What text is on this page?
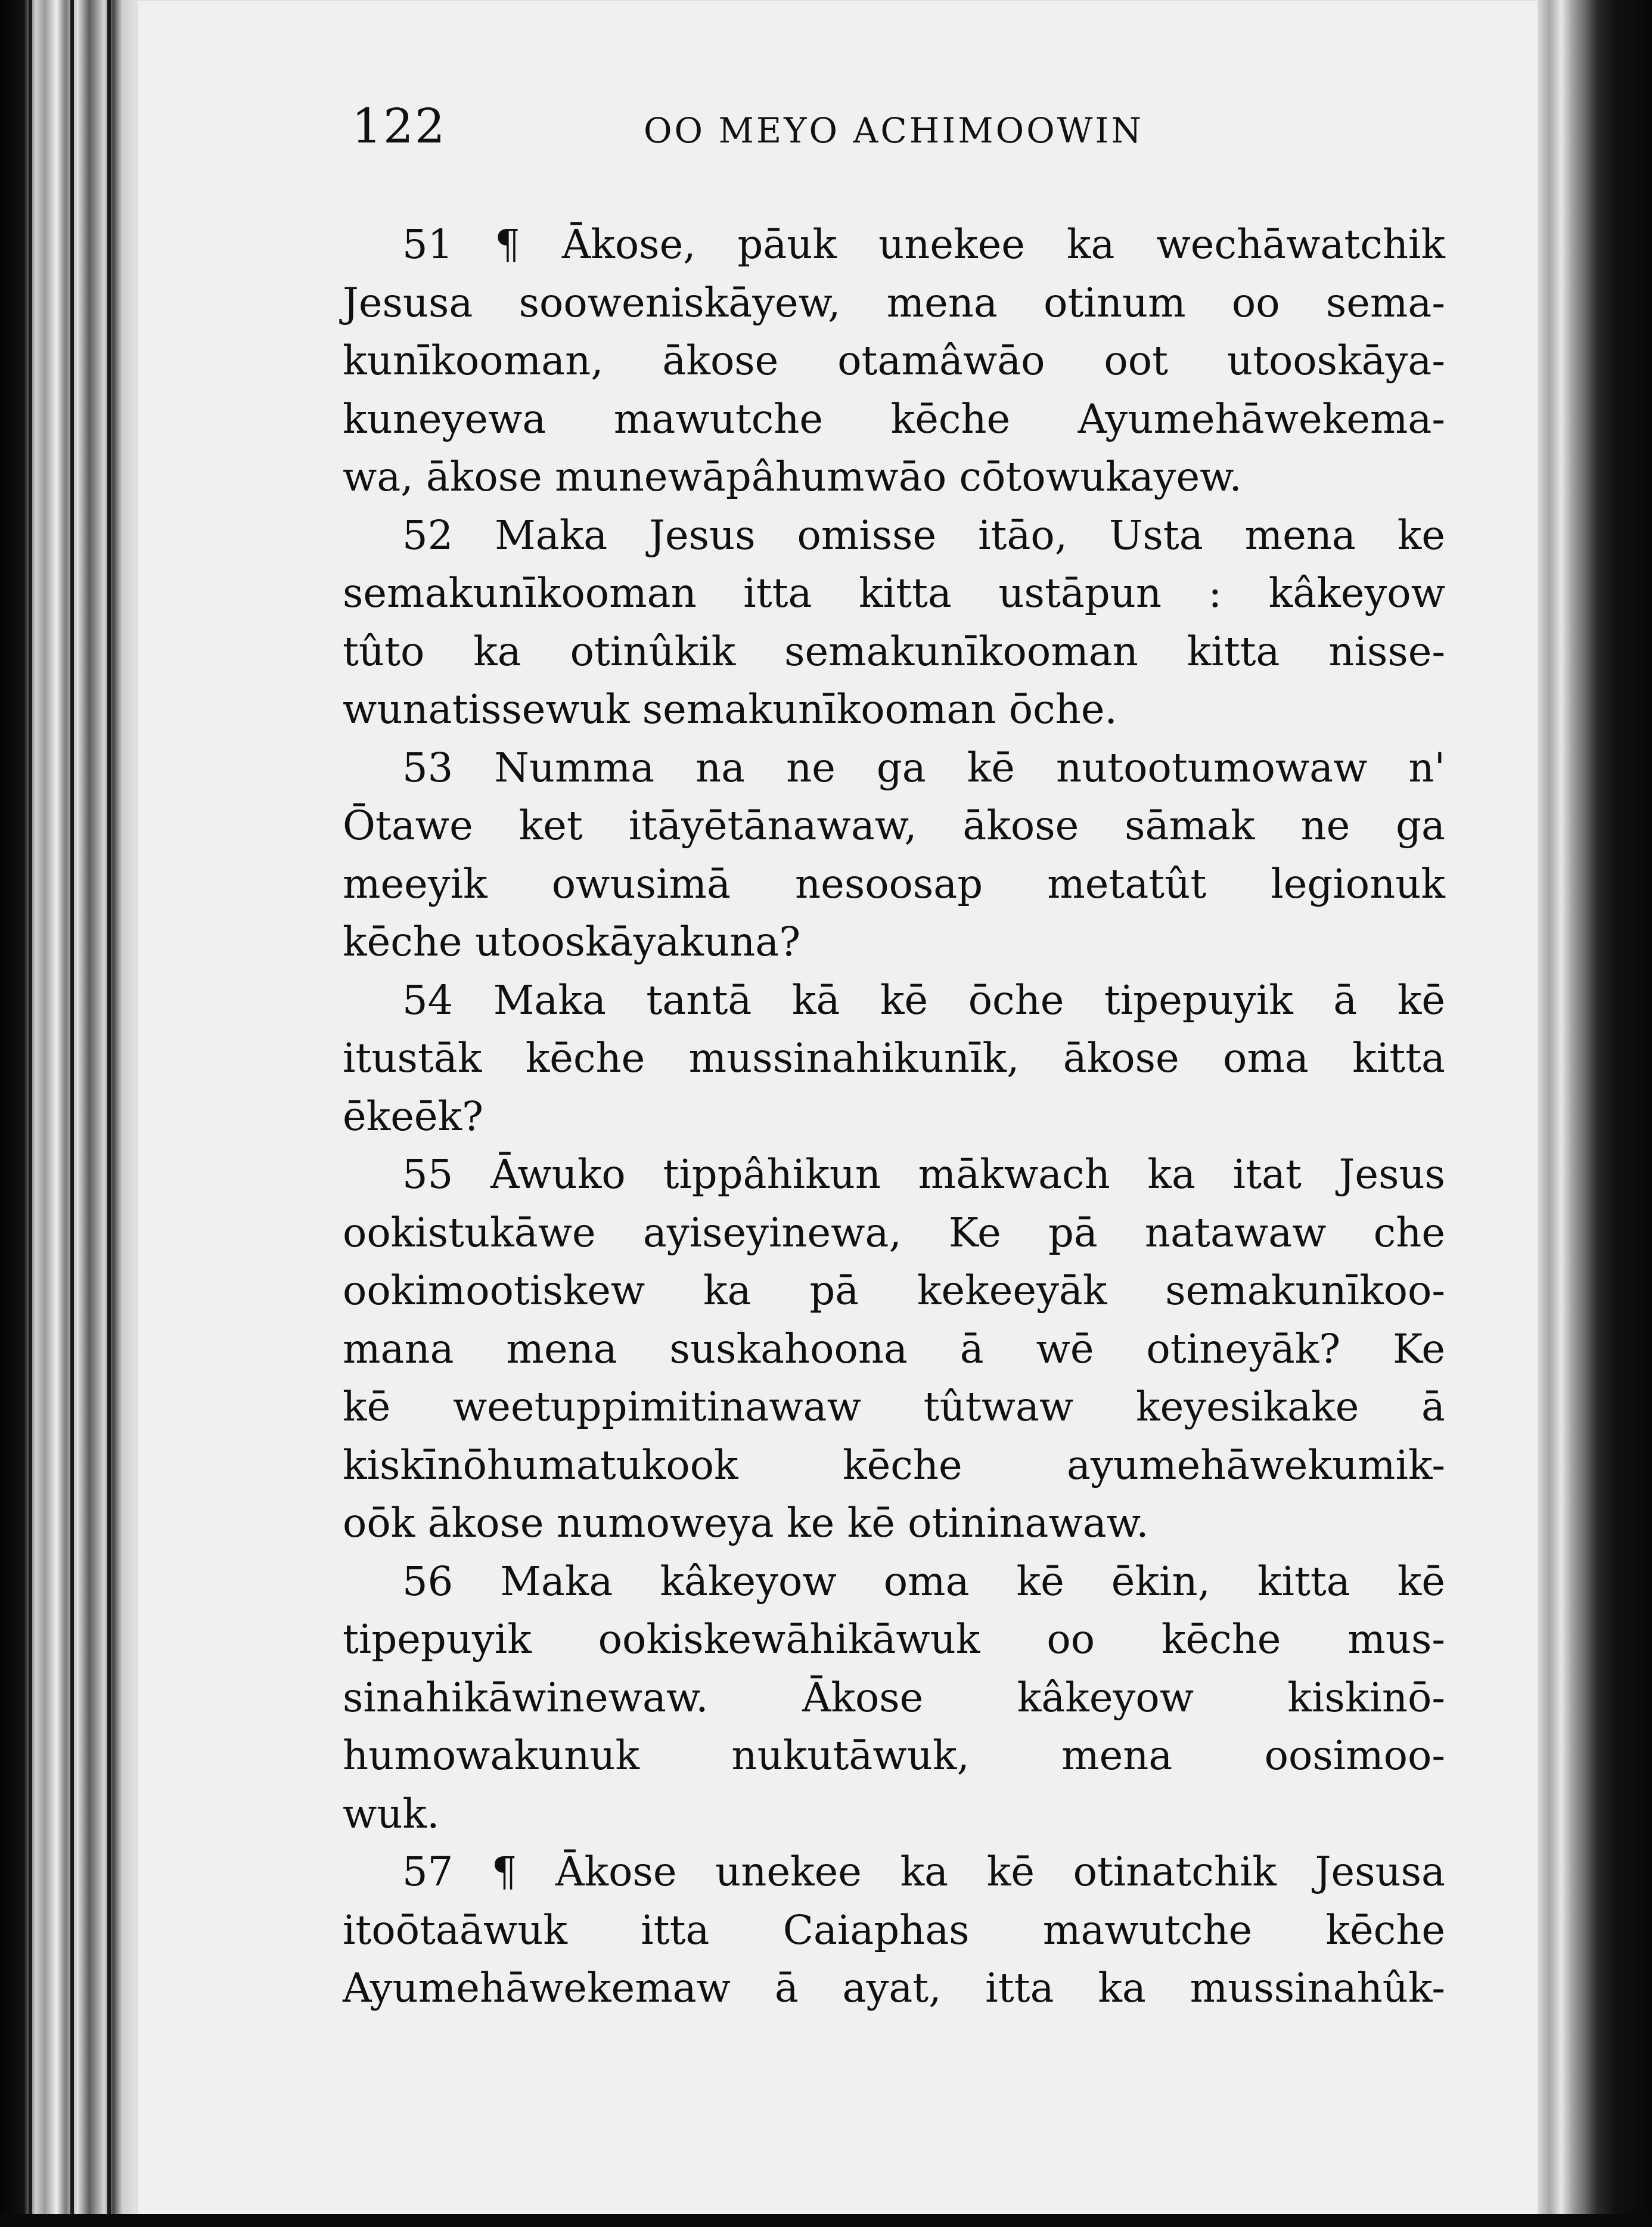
122	OO MEYO ACHIMOOWIN
51 ¶ Ākose, pāuk unekee ka wechāwatchik
Jesusa sooweniskāyew, mena otinum oo sema-
kunīkooman, ākose otamâwāo oot utooskāya-
kuneyewa mawutche kēche Ayumehāwekema-
wa, ākose munewāpâhumwāo cōtowukayew.
52 Maka Jesus omisse itāo, Usta mena ke
semakunīkooman itta kitta ustāpun : kâkeyow
tûto ka otinûkik semakunīkooman kitta nisse-
wunatissewuk semakunīkooman ōche.
53 Numma na ne ga kē nutootumowaw n'
Ōtawe ket itāyētānawaw, ākose sāmak ne ga
meeyik owusimā nesoosap metatût legionuk
kēche utooskāyakuna?
54 Maka tantā kā kē ōche tipepuyik ā kē
itustāk kēche mussinahikunīk, ākose oma kitta
ēkeēk?
55 Āwuko tippâhikun mākwach ka itat Jesus
ookistukāwe ayiseyinewa, Ke pā natawaw che
ookimootiskew ka pā kekeeyāk semakunīkoo-
mana mena suskahoona ā wē otineyāk? Ke
kē weetuppimitinawaw tûtwaw keyesikake ā
kiskīnōhumatukook kēche ayumehāwekumik-
oōk ākose numoweya ke kē otininawaw.
56 Maka kâkeyow oma kē ēkin, kitta kē
tipepuyik ookiskewāhikāwuk oo kēche mus-
sinahikāwinewaw. Ākose kâkeyow kiskinō-
humowakunuk nukutāwuk, mena oosimoo-
wuk.
57 ¶ Ākose unekee ka kē otinatchik Jesusa
itoōtaāwuk itta Caiaphas mawutche kēche
Ayumehāwekemaw ā ayat, itta ka mussinahûk-
